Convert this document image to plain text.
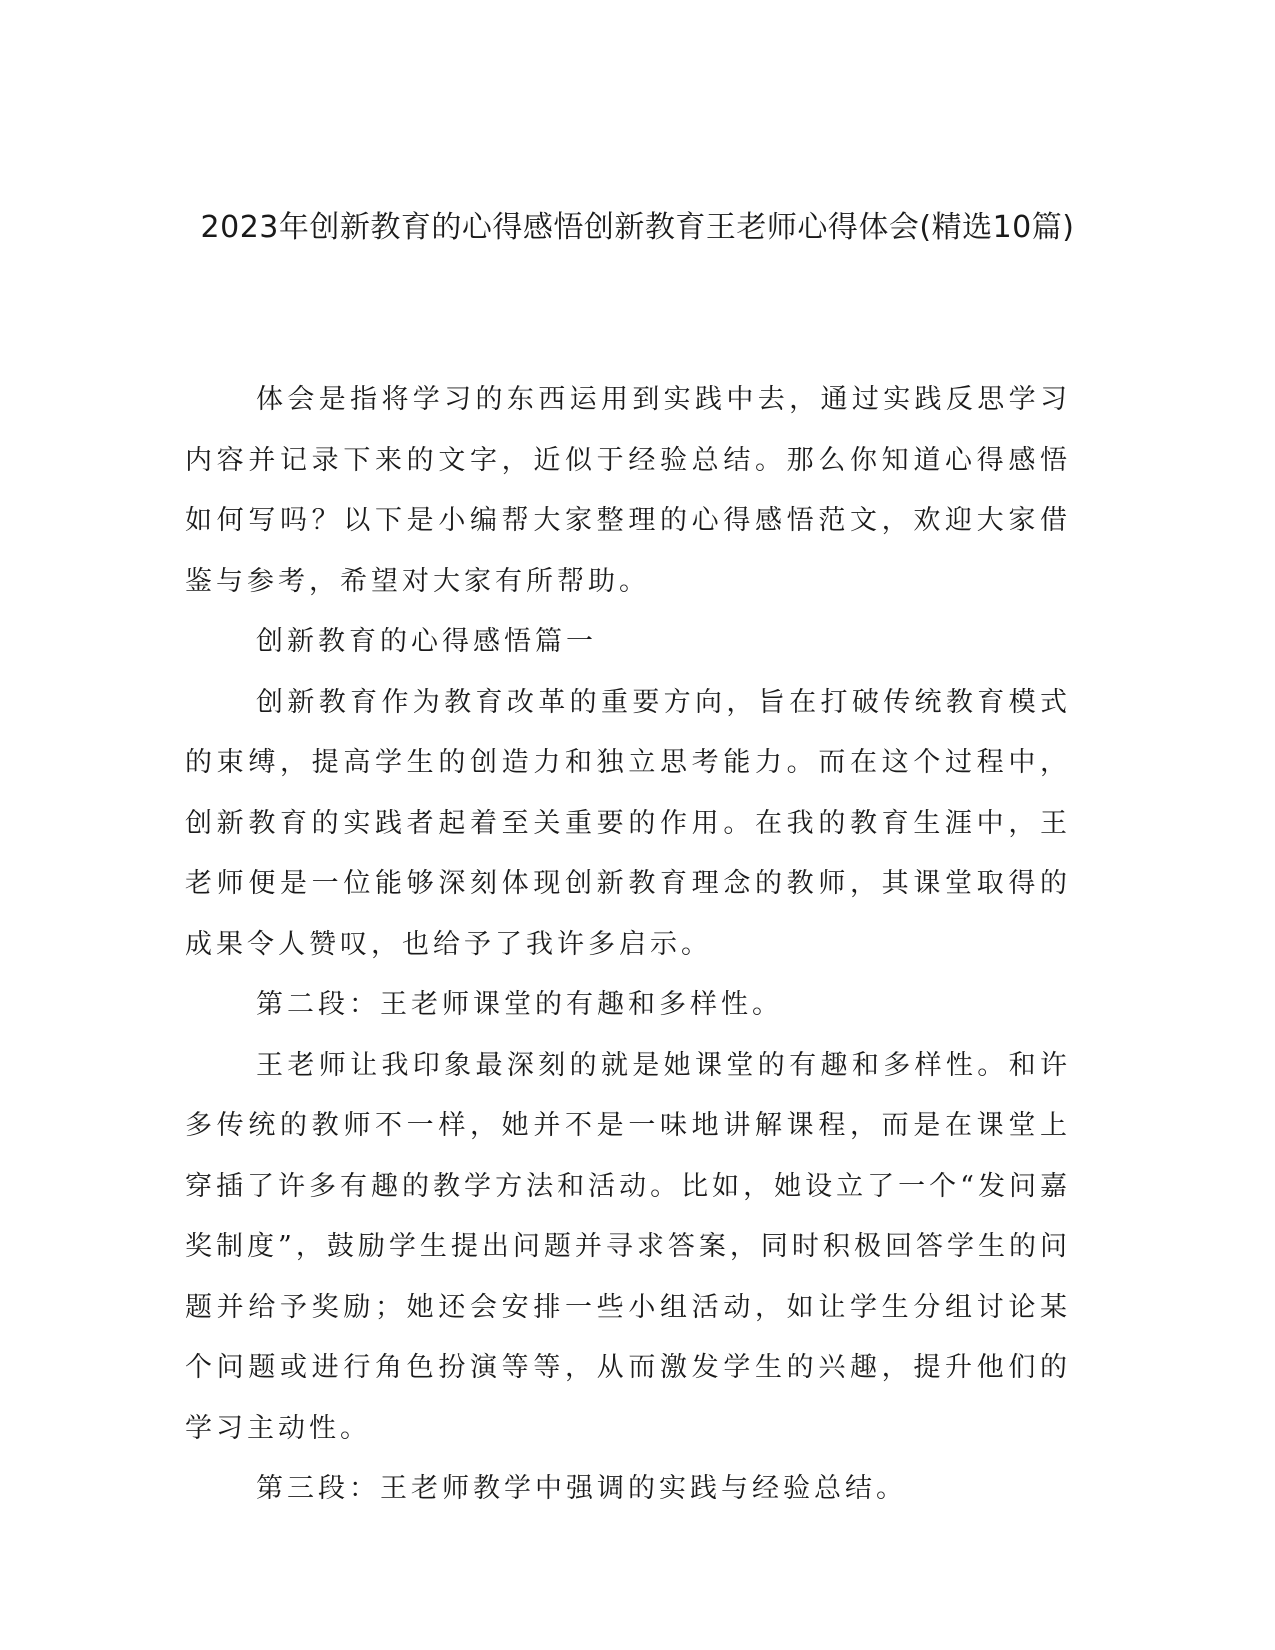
2023年创新教育的心得感悟创新教育王老师心得体会(精选10篇)

体会是指将学习的东西运用到实践中去，通过实践反思学习内容并记录下来的文字，近似于经验总结。那么你知道心得感悟如何写吗？以下是小编帮大家整理的心得感悟范文，欢迎大家借鉴与参考，希望对大家有所帮助。

创新教育的心得感悟篇一

创新教育作为教育改革的重要方向，旨在打破传统教育模式的束缚，提高学生的创造力和独立思考能力。而在这个过程中，创新教育的实践者起着至关重要的作用。在我的教育生涯中，王老师便是一位能够深刻体现创新教育理念的教师，其课堂取得的成果令人赞叹，也给予了我许多启示。

第二段：王老师课堂的有趣和多样性。

王老师让我印象最深刻的就是她课堂的有趣和多样性。和许多传统的教师不一样，她并不是一味地讲解课程，而是在课堂上穿插了许多有趣的教学方法和活动。比如，她设立了一个“发问嘉奖制度”，鼓励学生提出问题并寻求答案，同时积极回答学生的问题并给予奖励；她还会安排一些小组活动，如让学生分组讨论某个问题或进行角色扮演等等，从而激发学生的兴趣，提升他们的学习主动性。

第三段：王老师教学中强调的实践与经验总结。
